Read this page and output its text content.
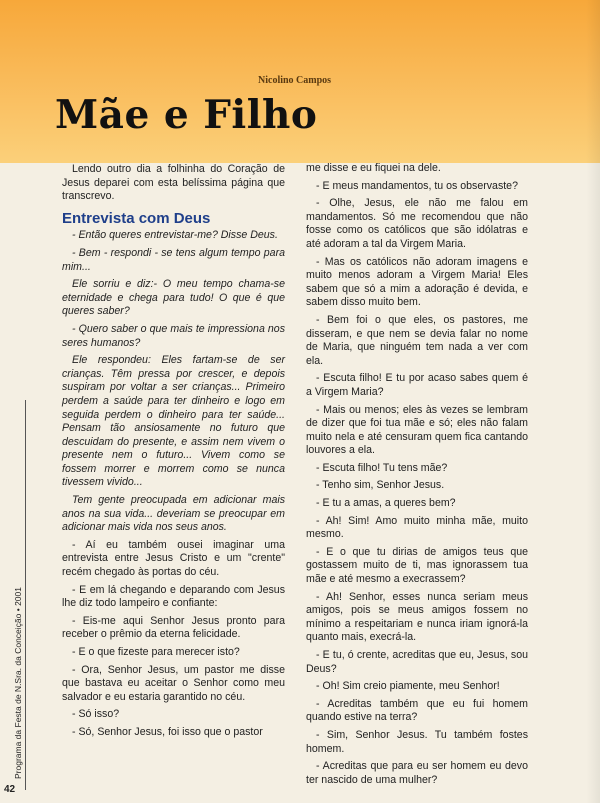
Nicolino Campos
Mãe e Filho

Lendo outro dia a folhinha do Coração de Jesus deparei com esta belíssima página que transcrevo.

Entrevista com Deus

- Então queres entrevistar-me? Disse Deus.

- Bem - respondi - se tens algum tempo para mim...

Ele sorriu e diz:- O meu tempo chama-se eternidade e chega para tudo! O que é que queres saber?

- Quero saber o que mais te impressiona nos seres humanos?

Ele respondeu: Eles fartam-se de ser crianças. Têm pressa por crescer, e depois suspiram por voltar a ser crianças... Primeiro perdem a saúde para ter dinheiro e logo em seguida perdem o dinheiro para ter saúde... Pensam tão ansiosamente no futuro que descuidam do presente, e assim nem vivem o presente nem o futuro... Vivem como se fossem morrer e morrem como se nunca tivessem vivido...

Tem gente preocupada em adicionar mais anos na sua vida... deveriam se preocupar em adicionar mais vida nos seus anos.

- Aí eu também ousei imaginar uma entrevista entre Jesus Cristo e um "crente" recém chegado às portas do céu.

- E em lá chegando e deparando com Jesus lhe diz todo lampeiro e confiante:

- Eis-me aqui Senhor Jesus pronto para receber o prêmio da eterna felicidade.

- E o que fizeste para merecer isto?

- Ora, Senhor Jesus, um pastor me disse que bastava eu aceitar o Senhor como meu salvador e eu estaria garantido no céu.

- Só isso?

- Só, Senhor Jesus, foi isso que o pastor

me disse e eu fiquei na dele.

- E meus mandamentos, tu os observaste?

- Olhe, Jesus, ele não me falou em mandamentos. Só me recomendou que não fosse como os católicos que são idólatras e até adoram a tal da Virgem Maria.

- Mas os católicos não adoram imagens e muito menos adoram a Virgem Maria! Eles sabem que só a mim a adoração é devida, e sabem disso muito bem.

- Bem foi o que eles, os pastores, me disseram, e que nem se devia falar no nome de Maria, que ninguém tem nada a ver com ela.

- Escuta filho! E tu por acaso sabes quem é a Virgem Maria?

- Mais ou menos; eles às vezes se lembram de dizer que foi tua mãe e só; eles não falam muito nela e até censuram quem fica cantando louvores a ela.

- Escuta filho! Tu tens mãe?

- Tenho sim, Senhor Jesus.

- E tu a amas, a queres bem?

- Ah! Sim! Amo muito minha mãe, muito mesmo.

- E o que tu dirias de amigos teus que gostassem muito de ti, mas ignorassem tua mãe e até mesmo a execrassem?

- Ah! Senhor, esses nunca seriam meus amigos, pois se meus amigos fossem no mínimo a respeitariam e nunca iriam ignorá-la quanto mais, execrá-la.

- E tu, ó crente, acreditas que eu, Jesus, sou Deus?

- Oh! Sim creio piamente, meu Senhor!

- Acreditas também que eu fui homem quando estive na terra?

- Sim, Senhor Jesus. Tu também fostes homem.

- Acreditas que para eu ser homem eu devo ter nascido de uma mulher?

Programa da Festa de N.Sra. da Conceição • 2001
42
